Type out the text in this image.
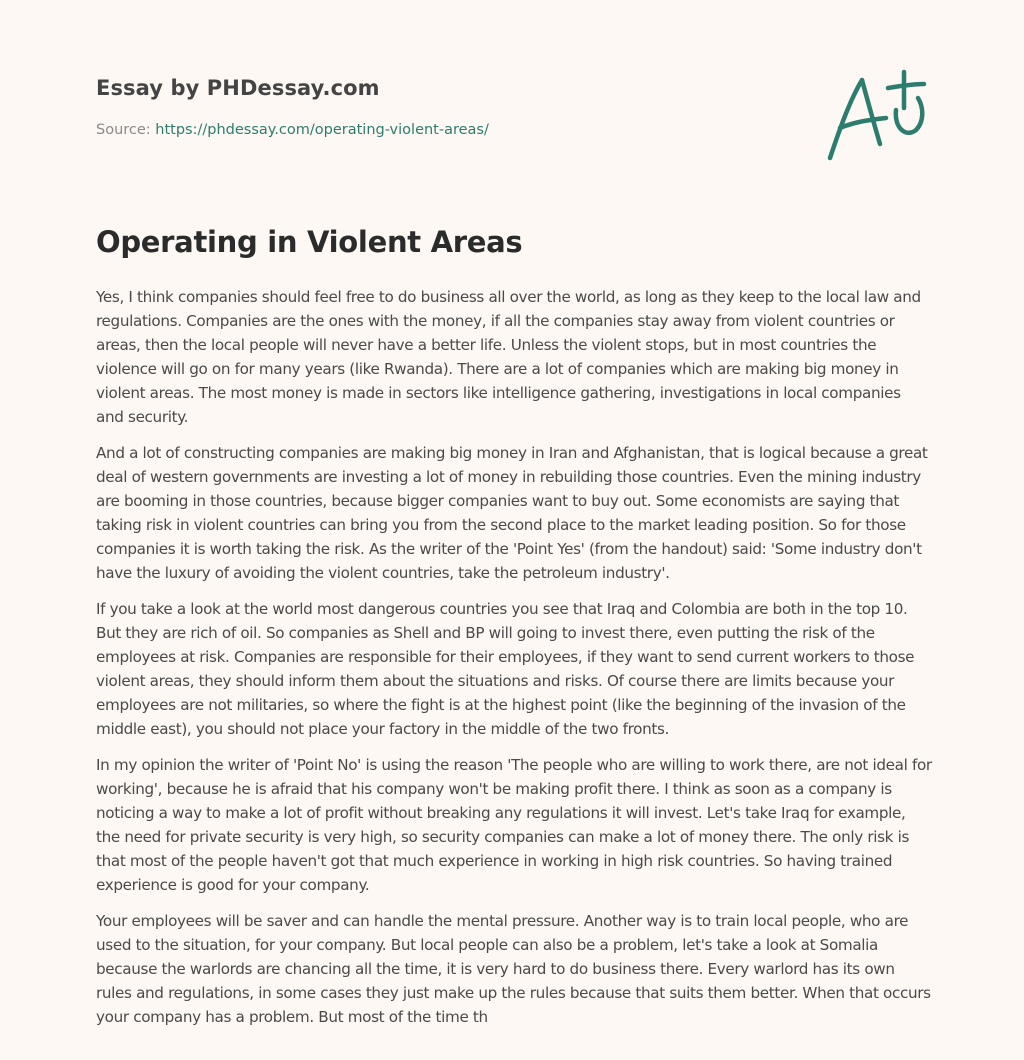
Essay by PHDessay.com
Source: https://phdessay.com/operating-violent-areas/
Operating in Violent Areas

Yes, I think companies should feel free to do business all over the world, as long as they keep to the local law and regulations. Companies are the ones with the money, if all the companies stay away from violent countries or areas, then the local people will never have a better life. Unless the violent stops, but in most countries the violence will go on for many years (like Rwanda). There are a lot of companies which are making big money in violent areas. The most money is made in sectors like intelligence gathering, investigations in local companies and security.

And a lot of constructing companies are making big money in Iran and Afghanistan, that is logical because a great deal of western governments are investing a lot of money in rebuilding those countries. Even the mining industry are booming in those countries, because bigger companies want to buy out. Some economists are saying that taking risk in violent countries can bring you from the second place to the market leading position. So for those companies it is worth taking the risk. As the writer of the 'Point Yes' (from the handout) said: 'Some industry don't have the luxury of avoiding the violent countries, take the petroleum industry'.

If you take a look at the world most dangerous countries you see that Iraq and Colombia are both in the top 10. But they are rich of oil. So companies as Shell and BP will going to invest there, even putting the risk of the employees at risk. Companies are responsible for their employees, if they want to send current workers to those violent areas, they should inform them about the situations and risks. Of course there are limits because your employees are not militaries, so where the fight is at the highest point (like the beginning of the invasion of the middle east), you should not place your factory in the middle of the two fronts.

In my opinion the writer of 'Point No' is using the reason 'The people who are willing to work there, are not ideal for working', because he is afraid that his company won't be making profit there. I think as soon as a company is noticing a way to make a lot of profit without breaking any regulations it will invest. Let's take Iraq for example, the need for private security is very high, so security companies can make a lot of money there. The only risk is that most of the people haven't got that much experience in working in high risk countries. So having trained experience is good for your company.

Your employees will be saver and can handle the mental pressure. Another way is to train local people, who are used to the situation, for your company. But local people can also be a problem, let's take a look at Somalia because the warlords are chancing all the time, it is very hard to do business there. Every warlord has its own rules and regulations, in some cases they just make up the rules because that suits them better. When that occurs your company has a problem. But most of the time th
